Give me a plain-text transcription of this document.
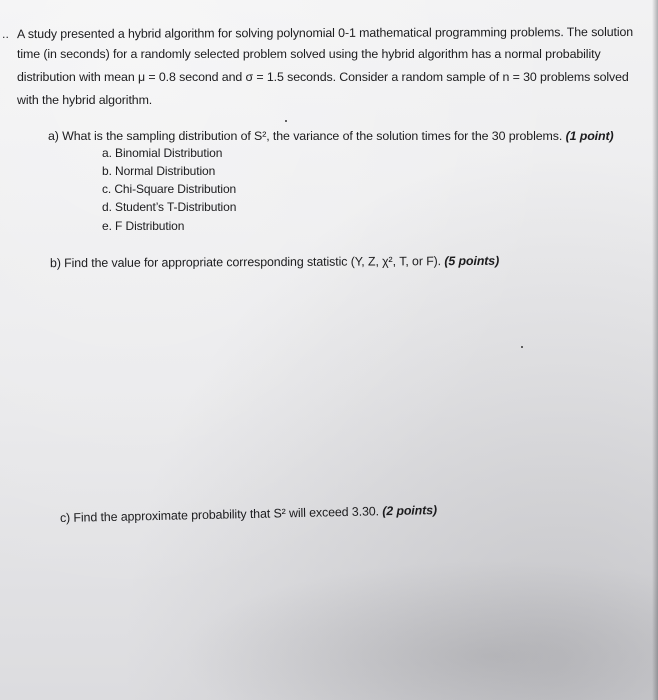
.. A study presented a hybrid algorithm for solving polynomial 0-1 mathematical programming problems. The solution
time (in seconds) for a randomly selected problem solved using the hybrid algorithm has a normal probability
distribution with mean μ = 0.8 second and σ = 1.5 seconds. Consider a random sample of n = 30 problems solved
with the hybrid algorithm.
a) What is the sampling distribution of S², the variance of the solution times for the 30 problems. (1 point)
a. Binomial Distribution
b. Normal Distribution
c. Chi-Square Distribution
d. Student’s T-Distribution
e. F Distribution
b) Find the value for appropriate corresponding statistic (Y, Z, χ², T, or F). (5 points)
c) Find the approximate probability that S² will exceed 3.30. (2 points)
